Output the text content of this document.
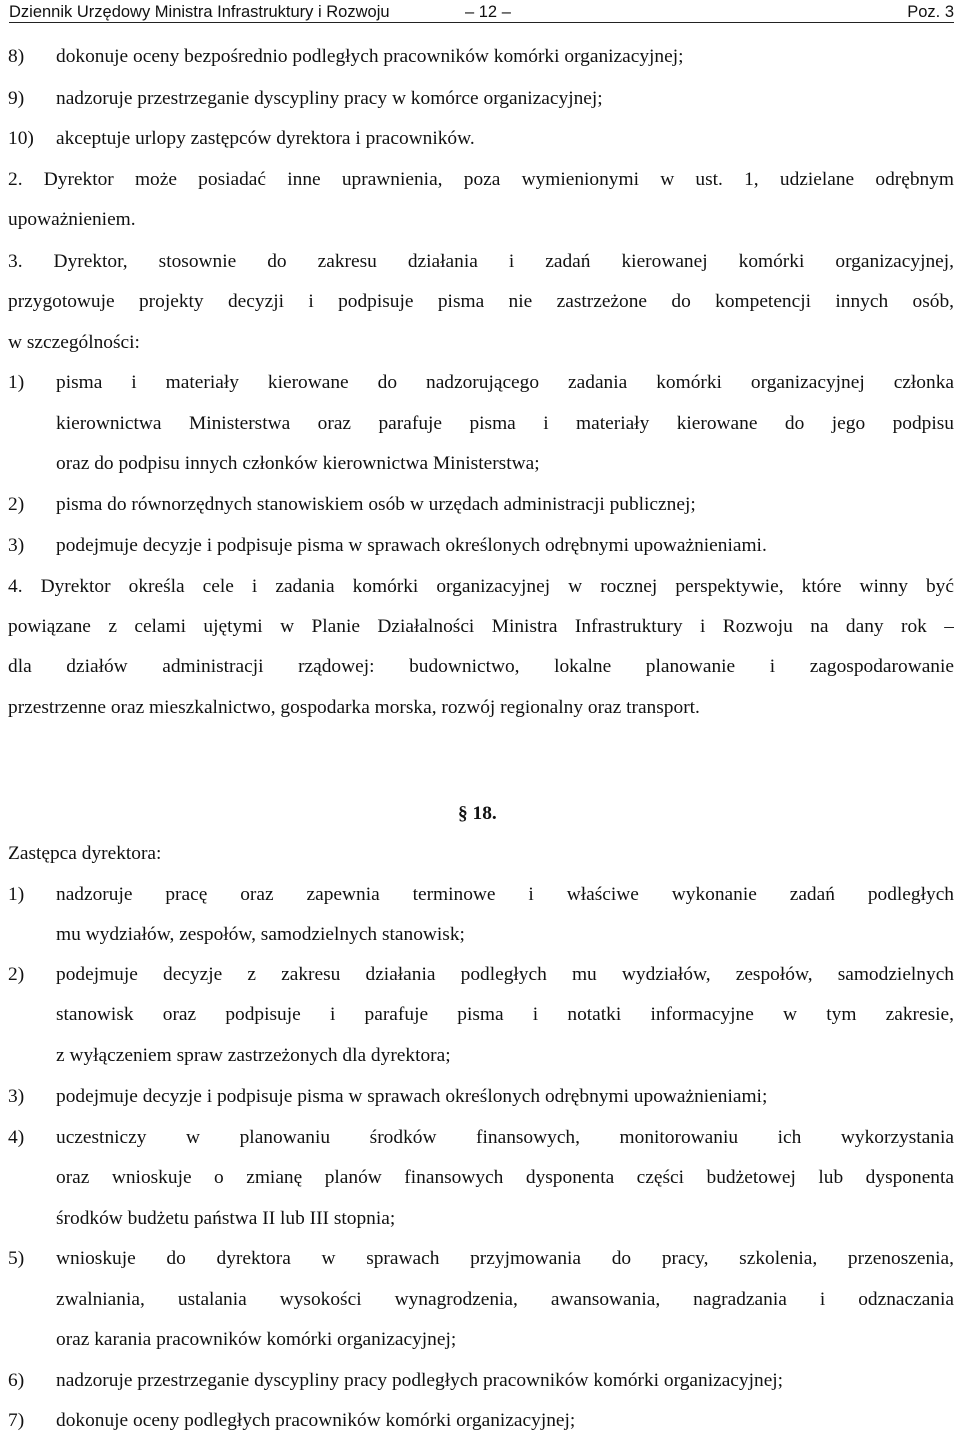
Dziennik Urzędowy Ministra Infrastruktury i Rozwoju	– 12 –	Poz. 3
8) dokonuje oceny bezpośrednio podległych pracowników komórki organizacyjnej;
9) nadzoruje przestrzeganie dyscypliny pracy w komórce organizacyjnej;
10) akceptuje urlopy zastępców dyrektora i pracowników.
2. Dyrektor może posiadać inne uprawnienia, poza wymienionymi w ust. 1, udzielane odrębnym
upoważnieniem.
3. Dyrektor, stosownie do zakresu działania i zadań kierowanej komórki organizacyjnej,
przygotowuje projekty decyzji i podpisuje pisma nie zastrzeżone do kompetencji innych osób,
w szczególności:
1) pisma i materiały kierowane do nadzorującego zadania komórki organizacyjnej członka
kierownictwa Ministerstwa oraz parafuje pisma i materiały kierowane do jego podpisu
oraz do podpisu innych członków kierownictwa Ministerstwa;
2) pisma do równorzędnych stanowiskiem osób w urzędach administracji publicznej;
3) podejmuje decyzje i podpisuje pisma w sprawach określonych odrębnymi upoważnieniami.
4. Dyrektor określa cele i zadania komórki organizacyjnej w rocznej perspektywie, które winny być
powiązane z celami ujętymi w Planie Działalności Ministra Infrastruktury i Rozwoju na dany rok –
dla działów administracji rządowej: budownictwo, lokalne planowanie i zagospodarowanie
przestrzenne oraz mieszkalnictwo, gospodarka morska, rozwój regionalny oraz transport.
§ 18.
Zastępca dyrektora:
1) nadzoruje pracę oraz zapewnia terminowe i właściwe wykonanie zadań podległych
mu wydziałów, zespołów, samodzielnych stanowisk;
2) podejmuje decyzje z zakresu działania podległych mu wydziałów, zespołów, samodzielnych
stanowisk oraz podpisuje i parafuje pisma i notatki informacyjne w tym zakresie,
z wyłączeniem spraw zastrzeżonych dla dyrektora;
3) podejmuje decyzje i podpisuje pisma w sprawach określonych odrębnymi upoważnieniami;
4) uczestniczy w planowaniu środków finansowych, monitorowaniu ich wykorzystania
oraz wnioskuje o zmianę planów finansowych dysponenta części budżetowej lub dysponenta
środków budżetu państwa II lub III stopnia;
5) wnioskuje do dyrektora w sprawach przyjmowania do pracy, szkolenia, przenoszenia,
zwalniania, ustalania wysokości wynagrodzenia, awansowania, nagradzania i odznaczania
oraz karania pracowników komórki organizacyjnej;
6) nadzoruje przestrzeganie dyscypliny pracy podległych pracowników komórki organizacyjnej;
7) dokonuje oceny podległych pracowników komórki organizacyjnej;
